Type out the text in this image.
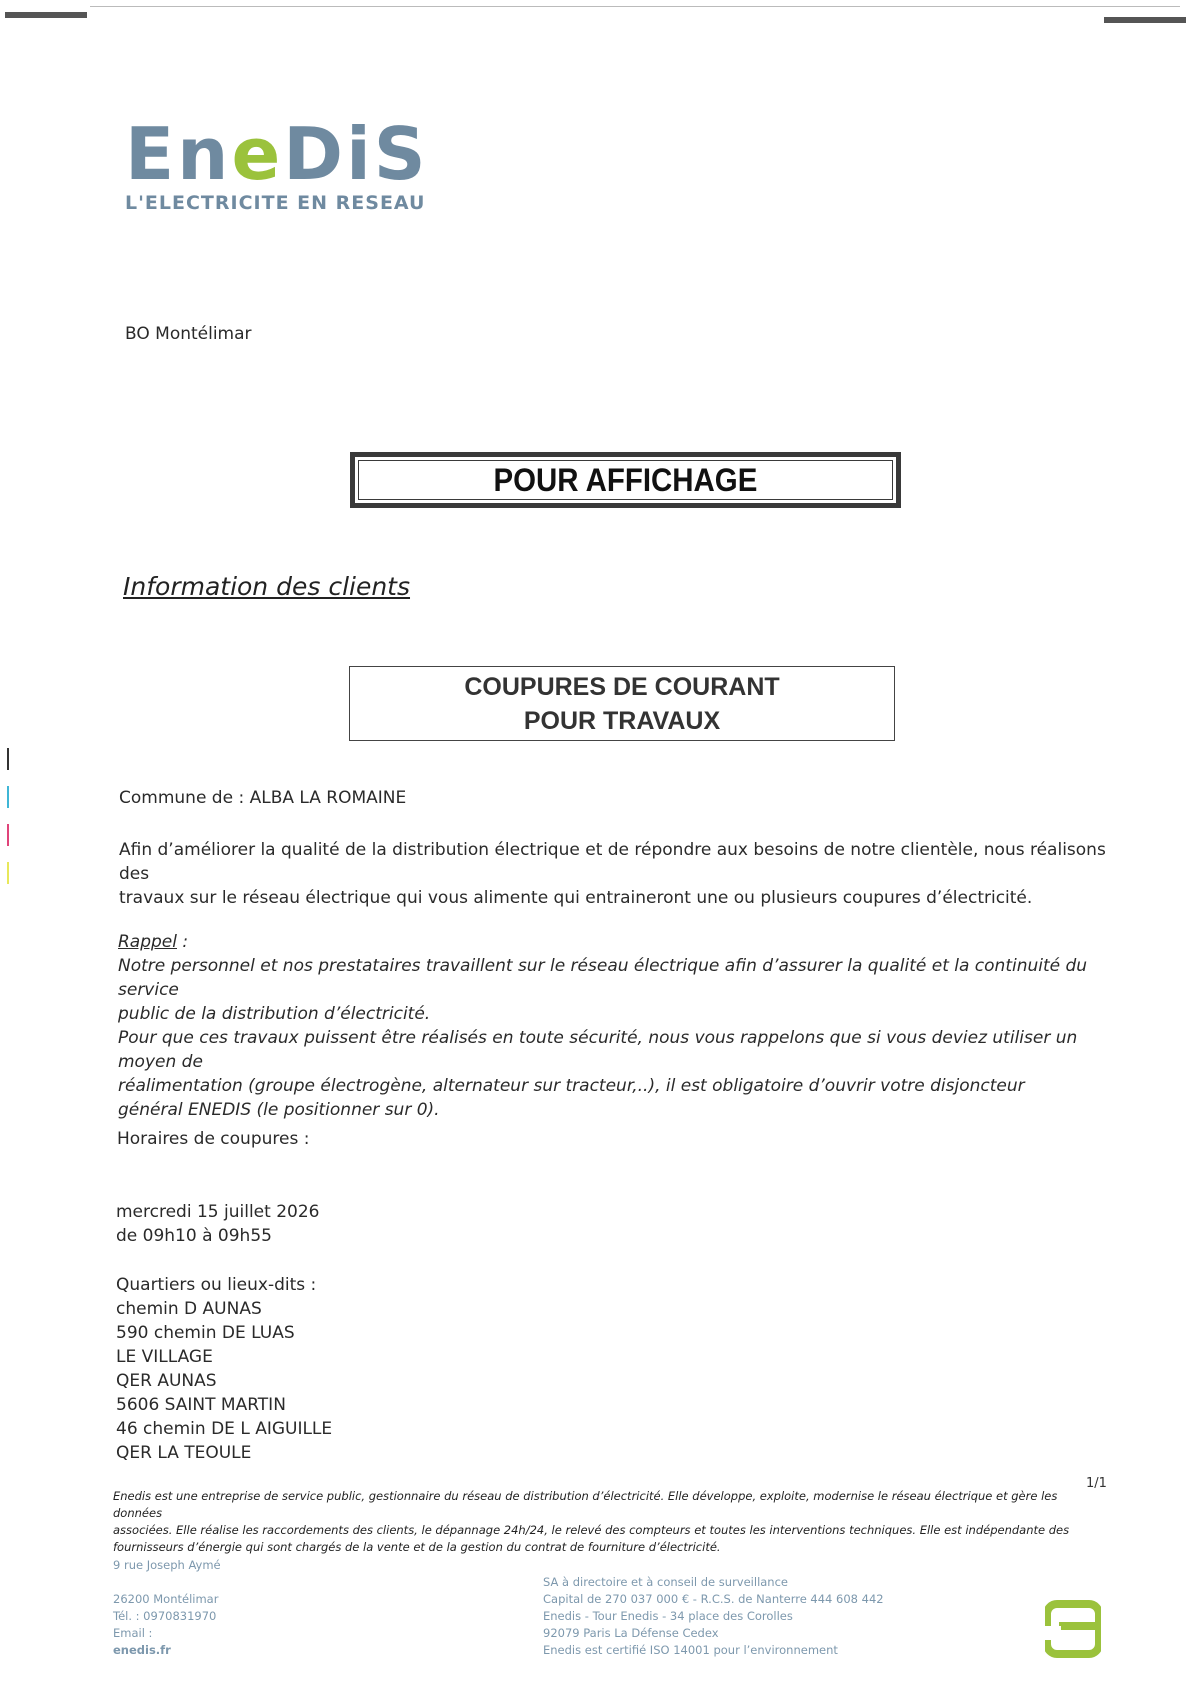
EneDiS
L'ELECTRICITE EN RESEAU
BO Montélimar
POUR AFFICHAGE
Information des clients
COUPURES DE COURANT
POUR TRAVAUX
Commune de : ALBA LA ROMAINE
Afin d’améliorer la qualité de la distribution électrique et de répondre aux besoins de notre clientèle, nous réalisons des
travaux sur le réseau électrique qui vous alimente qui entraineront une ou plusieurs coupures d’électricité.
Rappel :
Notre personnel et nos prestataires travaillent sur le réseau électrique afin d’assurer la qualité et la continuité du service
public de la distribution d’électricité.
Pour que ces travaux puissent être réalisés en toute sécurité, nous vous rappelons que si vous deviez utiliser un moyen de
réalimentation (groupe électrogène, alternateur sur tracteur,..), il est obligatoire d’ouvrir votre disjoncteur
général ENEDIS (le positionner sur 0).
Horaires de coupures :
mercredi 15 juillet 2026
de 09h10 à 09h55
Quartiers ou lieux-dits :
chemin D AUNAS
590 chemin DE LUAS
LE VILLAGE
QER AUNAS
5606 SAINT MARTIN
46 chemin DE L AIGUILLE
QER LA TEOULE
1/1
Enedis est une entreprise de service public, gestionnaire du réseau de distribution d’électricité. Elle développe, exploite, modernise le réseau électrique et gère les données
associées. Elle réalise les raccordements des clients, le dépannage 24h/24, le relevé des compteurs et toutes les interventions techniques. Elle est indépendante des
fournisseurs d’énergie qui sont chargés de la vente et de la gestion du contrat de fourniture d’électricité.
9 rue Joseph Aymé
26200 Montélimar
Tél. : 0970831970
Email :
enedis.fr
SA à directoire et à conseil de surveillance
Capital de 270 037 000 € - R.C.S. de Nanterre 444 608 442
Enedis - Tour Enedis - 34 place des Corolles
92079 Paris La Défense Cedex
Enedis est certifié ISO 14001 pour l’environnement
